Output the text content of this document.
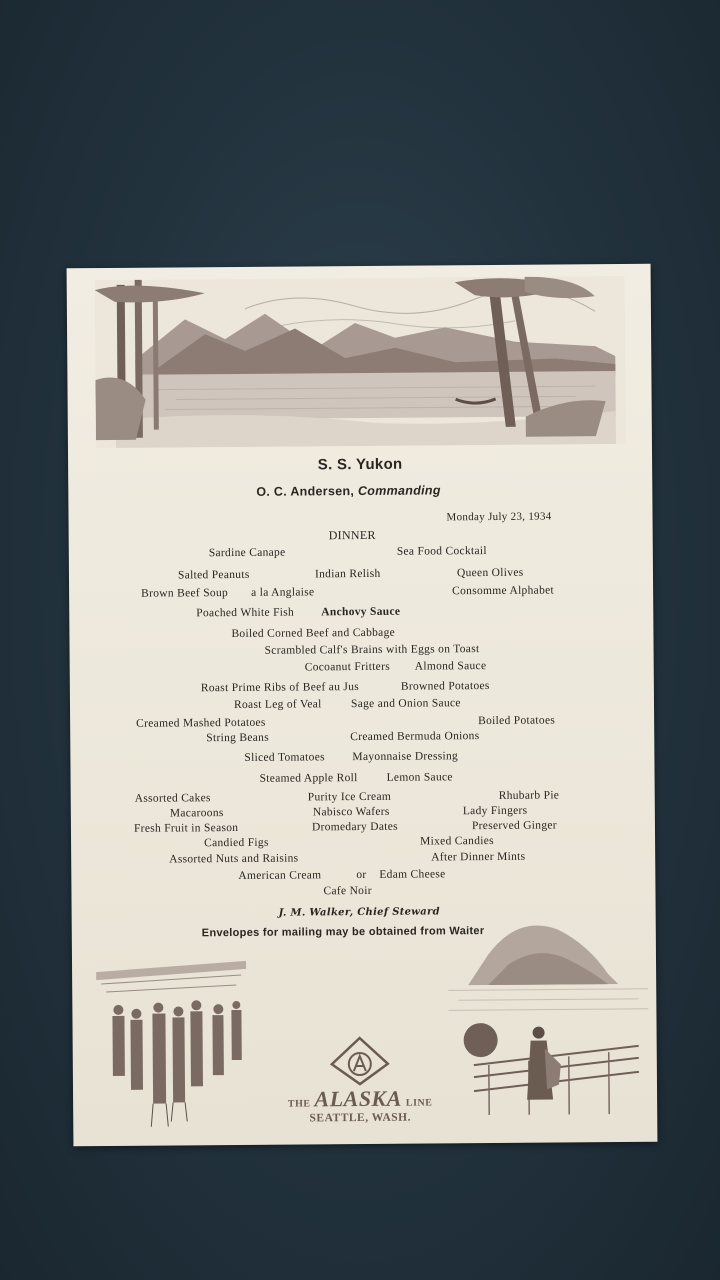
S. S. Yukon
O. C. Andersen, Commanding
Monday July 23, 1934
DINNER
Sardine Canape	Sea Food Cocktail
Salted Peanuts	Indian Relish	Queen Olives
Brown Beef Soup a la Anglaise	Consomme Alphabet
Poached White Fish Anchovy Sauce
Boiled Corned Beef and Cabbage
Scrambled Calf's Brains with Eggs on Toast
Cocoanut Fritters Almond Sauce
Roast Prime Ribs of Beef au Jus	Browned Potatoes
Roast Leg of Veal	Sage and Onion Sauce
Creamed Mashed Potatoes	Boiled Potatoes
String Beans	Creamed Bermuda Onions
Sliced Tomatoes Mayonnaise Dressing
Steamed Apple Roll	Lemon Sauce
Assorted Cakes	Purity Ice Cream	Rhubarb Pie
Macaroons	Nabisco Wafers	Lady Fingers
Fresh Fruit in Season	Dromedary Dates	Preserved Ginger
Candied Figs	Mixed Candies
Assorted Nuts and Raisins	After Dinner Mints
American Cream	or Edam Cheese
Cafe Noir
J. M. Walker, Chief Steward
Envelopes for mailing may be obtained from Waiter
THE ALASKA LINE
SEATTLE, WASH.
